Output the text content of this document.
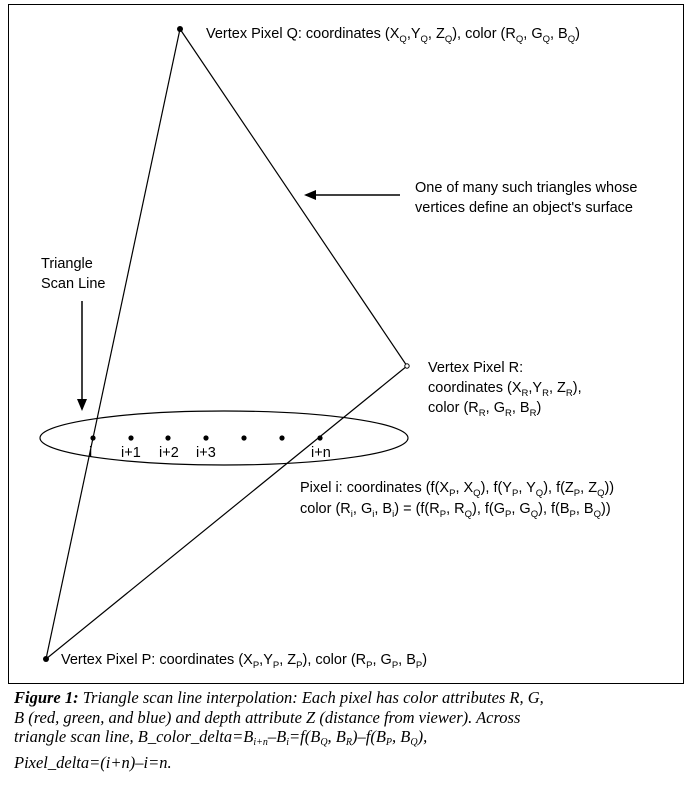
i i+1 i+2 i+3	i+n
Vertex Pixel Q: coordinates ($X_Q,Y_Q$, $Z_Q$), color ($R_Q$, $G_Q$, $B_Q$)
One of many such triangles whose
vertices define an object's surface
Triangle
Scan Line
Vertex Pixel R:
coordinates ($X_R,Y_R$, $Z_R$),
color ($R_R$, $G_R$, $B_R$)
Pixel i: coordinates ($f(X_P$, $X_Q$), $f(Y_P$, $Y_Q$), $f(Z_P$, $Z_Q$))
color ($R_i$, $G_i$, $B_i) = (f(R_P$, $R_Q$), $f(G_P$, $G_Q$), $f(B_P$, $B_Q$))
Vertex Pixel P: coordinates ($X_P,Y_P$, $Z_P$), color ($R_P$, $G_P$, $B_P$)
Figure 1: Triangle scan line interpolation: Each pixel has color attributes R, G,
B (red, green, and blue) and depth attribute Z (distance from viewer). Across
triangle scan line, $B\_color\_delta=B_{i+n}-B_i=f(B_Q$, $B_R)-f(B_P$, $B_Q$),
Pixel_delta=(i+n)–i=n.
